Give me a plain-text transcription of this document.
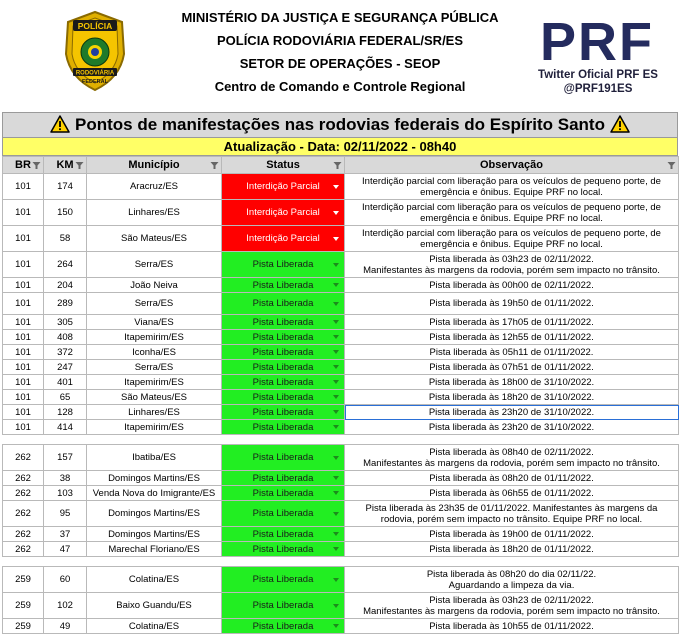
POLÍCIA
RODOVIÁRIA
FEDERAL
MINISTÉRIO DA JUSTIÇA E SEGURANÇA PÚBLICA
POLÍCIA RODOVIÁRIA FEDERAL/SR/ES
SETOR DE OPERAÇÕES - SEOP
Centro de Comando e Controle Regional
PRF
Twitter Oficial PRF ES
@PRF191ES
Pontos de manifestações nas rodovias federais do Espírito Santo
Atualização - Data: 02/11/2022 - 08h40
BR	KM	Município	Status	Observação

101	174	Aracruz/ES	Interdição Parcial	Interdição parcial com liberação para os veículos de pequeno porte, de
emergência e ônibus. Equipe PRF no local.

101	150	Linhares/ES	Interdição Parcial	Interdição parcial com liberação para os veículos de pequeno porte, de
emergência e ônibus. Equipe PRF no local.

101	58	São Mateus/ES	Interdição Parcial	Interdição parcial com liberação para os veículos de pequeno porte, de
emergência e ônibus. Equipe PRF no local.

101	264	Serra/ES	Pista Liberada	Pista liberada às 03h23 de 02/11/2022.
Manifestantes às margens da rodovia, porém sem impacto no trânsito.

101	204	João Neiva	Pista Liberada	Pista liberada às 00h00 de 02/11/2022.

101	289	Serra/ES	Pista Liberada	Pista liberada às 19h50 de 01/11/2022.

101	305	Viana/ES	Pista Liberada	Pista liberada às 17h05 de 01/11/2022.

101	408	Itapemirim/ES	Pista Liberada	Pista liberada às 12h55 de 01/11/2022.

101	372	Iconha/ES	Pista Liberada	Pista liberada às 05h11 de 01/11/2022.

101	247	Serra/ES	Pista Liberada	Pista liberada às 07h51 de 01/11/2022.

101	401	Itapemirim/ES	Pista Liberada	Pista liberada às 18h00 de 31/10/2022.

101	65	São Mateus/ES	Pista Liberada	Pista liberada às 18h20 de 31/10/2022.

101	128	Linhares/ES	Pista Liberada	Pista liberada às 23h20 de 31/10/2022.

101	414	Itapemirim/ES	Pista Liberada	Pista liberada às 23h20 de 31/10/2022.

262	157	Ibatiba/ES	Pista Liberada	Pista liberada às 08h40 de 02/11/2022.
Manifestantes às margens da rodovia, porém sem impacto no trânsito.

262	38	Domingos Martins/ES	Pista Liberada	Pista liberada às 08h20 de 01/11/2022.

262	103	Venda Nova do Imigrante/ES	Pista Liberada	Pista liberada às 06h55 de 01/11/2022.

262	95	Domingos Martins/ES	Pista Liberada	Pista liberada às 23h35 de 01/11/2022. Manifestantes às margens da
rodovia, porém sem impacto no trânsito. Equipe PRF no local.

262	37	Domingos Martins/ES	Pista Liberada	Pista liberada às 19h00 de 01/11/2022.

262	47	Marechal Floriano/ES	Pista Liberada	Pista liberada às 18h20 de 01/11/2022.

259	60	Colatina/ES	Pista Liberada	Pista liberada às 08h20 do dia 02/11/22.
Aguardando a limpeza da via.

259	102	Baixo Guandu/ES	Pista Liberada	Pista liberada às 03h23 de 02/11/2022.
Manifestantes às margens da rodovia, porém sem impacto no trânsito.

259	49	Colatina/ES	Pista Liberada	Pista liberada às 10h55 de 01/11/2022.
